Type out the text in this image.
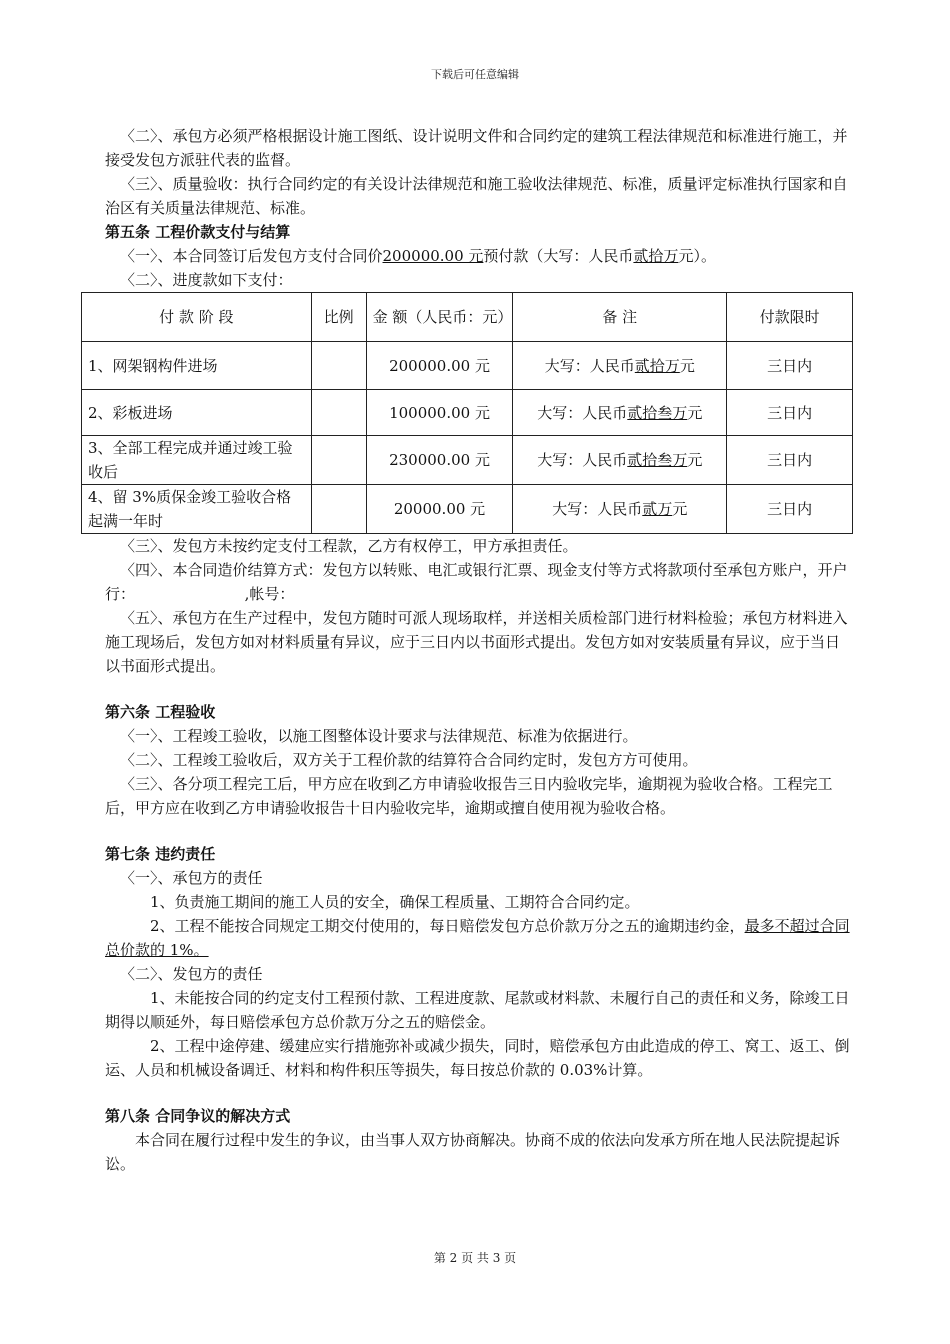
下载后可任意编辑

〈二〉、承包方必须严格根据设计施工图纸、设计说明文件和合同约定的建筑工程法律规范和标准进行施工，并接受发包方派驻代表的监督。

〈三〉、质量验收：执行合同约定的有关设计法律规范和施工验收法律规范、标准，质量评定标准执行国家和自治区有关质量法律规范、标准。

第五条 工程价款支付与结算

〈一〉、本合同签订后发包方支付合同价200000.00 元预付款（大写：人民币贰拾万元）。

〈二〉、进度款如下支付：

付 款 阶 段	比例	金 额（人民币：元）	备 注	付款限时
1、网架钢构件进场		200000.00 元	大写：人民币贰拾万元	三日内
2、彩板进场		100000.00 元	大写：人民币贰拾叁万元	三日内
3、全部工程完成并通过竣工验收后		230000.00 元	大写：人民币贰拾叁万元	三日内
4、留 3%质保金竣工验收合格起满一年时		20000.00 元	大写：人民币贰万元	三日内

〈三〉、发包方未按约定支付工程款，乙方有权停工，甲方承担责任。

〈四〉、本合同造价结算方式：发包方以转账、电汇或银行汇票、现金支付等方式将款项付至承包方账户，开户行：                       ,帐号：

〈五〉、承包方在生产过程中，发包方随时可派人现场取样，并送相关质检部门进行材料检验；承包方材料进入施工现场后，发包方如对材料质量有异议，应于三日内以书面形式提出。发包方如对安装质量有异议，应于当日以书面形式提出。

第六条 工程验收

〈一〉、工程竣工验收，以施工图整体设计要求与法律规范、标准为依据进行。

〈二〉、工程竣工验收后，双方关于工程价款的结算符合合同约定时，发包方方可使用。

〈三〉、各分项工程完工后，甲方应在收到乙方申请验收报告三日内验收完毕，逾期视为验收合格。工程完工后，甲方应在收到乙方申请验收报告十日内验收完毕，逾期或擅自使用视为验收合格。

第七条 违约责任

〈一〉、承包方的责任

1、负责施工期间的施工人员的安全，确保工程质量、工期符合合同约定。

2、工程不能按合同规定工期交付使用的，每日赔偿发包方总价款万分之五的逾期违约金，最多不超过合同总价款的 1%。

〈二〉、发包方的责任

1、未能按合同的约定支付工程预付款、工程进度款、尾款或材料款、未履行自己的责任和义务，除竣工日期得以顺延外，每日赔偿承包方总价款万分之五的赔偿金。

2、工程中途停建、缓建应实行措施弥补或减少损失，同时，赔偿承包方由此造成的停工、窝工、返工、倒运、人员和机械设备调迁、材料和构件积压等损失，每日按总价款的 0.03%计算。

第八条 合同争议的解决方式

本合同在履行过程中发生的争议，由当事人双方协商解决。协商不成的依法向发承方所在地人民法院提起诉讼。

第 2 页 共 3 页
